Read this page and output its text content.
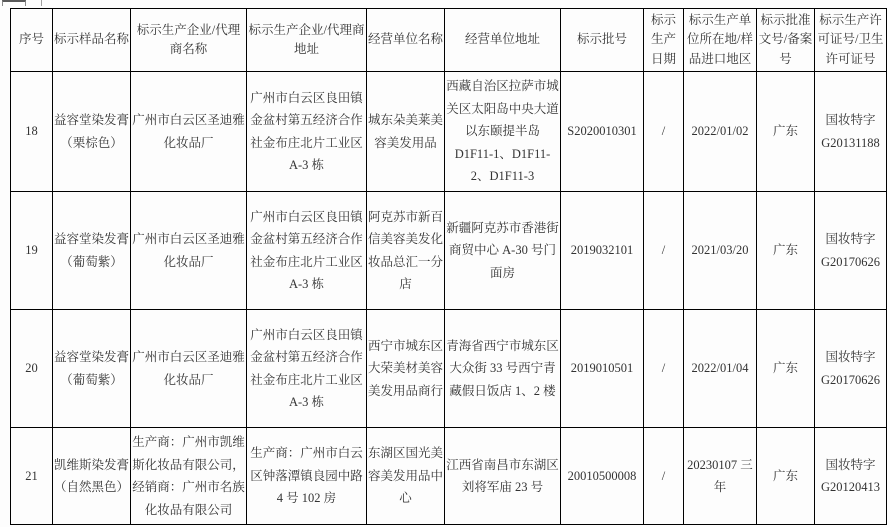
序号	标示样品名称	标示生产企业/代理商名称	标示生产企业/代理商地址	经营单位名称	经营单位地址	标示批号	标示生产日期	标示生产单位所在地/样品进口地区	标示批准文号/备案号	标示生产许可证号/卫生许可证号
18	益容堂染发膏（栗棕色）	广州市白云区圣迪雅化妆品厂	广州市白云区良田镇金盆村第五经济合作社金布庄北片工业区 A-3 栋	城东朵美莱美容美发用品	西藏自治区拉萨市城关区太阳岛中央大道以东颐提半岛D1F11-1、D1F11-2、D1F11-3	S2020010301	/	2022/01/02	广东	国妆特字 G20131188
19	益容堂染发膏（葡萄紫）	广州市白云区圣迪雅化妆品厂	广州市白云区良田镇金盆村第五经济合作社金布庄北片工业区 A-3 栋	阿克苏市新百信美容美发化妆品总汇一分店	新疆阿克苏市香港街商贸中心 A-30 号门面房	2019032101	/	2021/03/20	广东	国妆特字 G20170626
20	益容堂染发膏（葡萄紫）	广州市白云区圣迪雅化妆品厂	广州市白云区良田镇金盆村第五经济合作社金布庄北片工业区 A-3 栋	西宁市城东区大荣美材美容美发用品商行	青海省西宁市城东区大众街 33 号西宁青藏假日饭店 1、2 楼	2019010501	/	2022/01/04	广东	国妆特字 G20170626
21	凯维斯染发膏（自然黑色）	生产商：广州市凯维斯化妆品有限公司，经销商：广州市名族化妆品有限公司	生产商：广州市白云区钟落潭镇良园中路 4 号 102 房	东湖区国光美容美发用品中心	江西省南昌市东湖区刘将军庙 23 号	20010500008	/	20230107 三年	广东	国妆特字 G20120413
